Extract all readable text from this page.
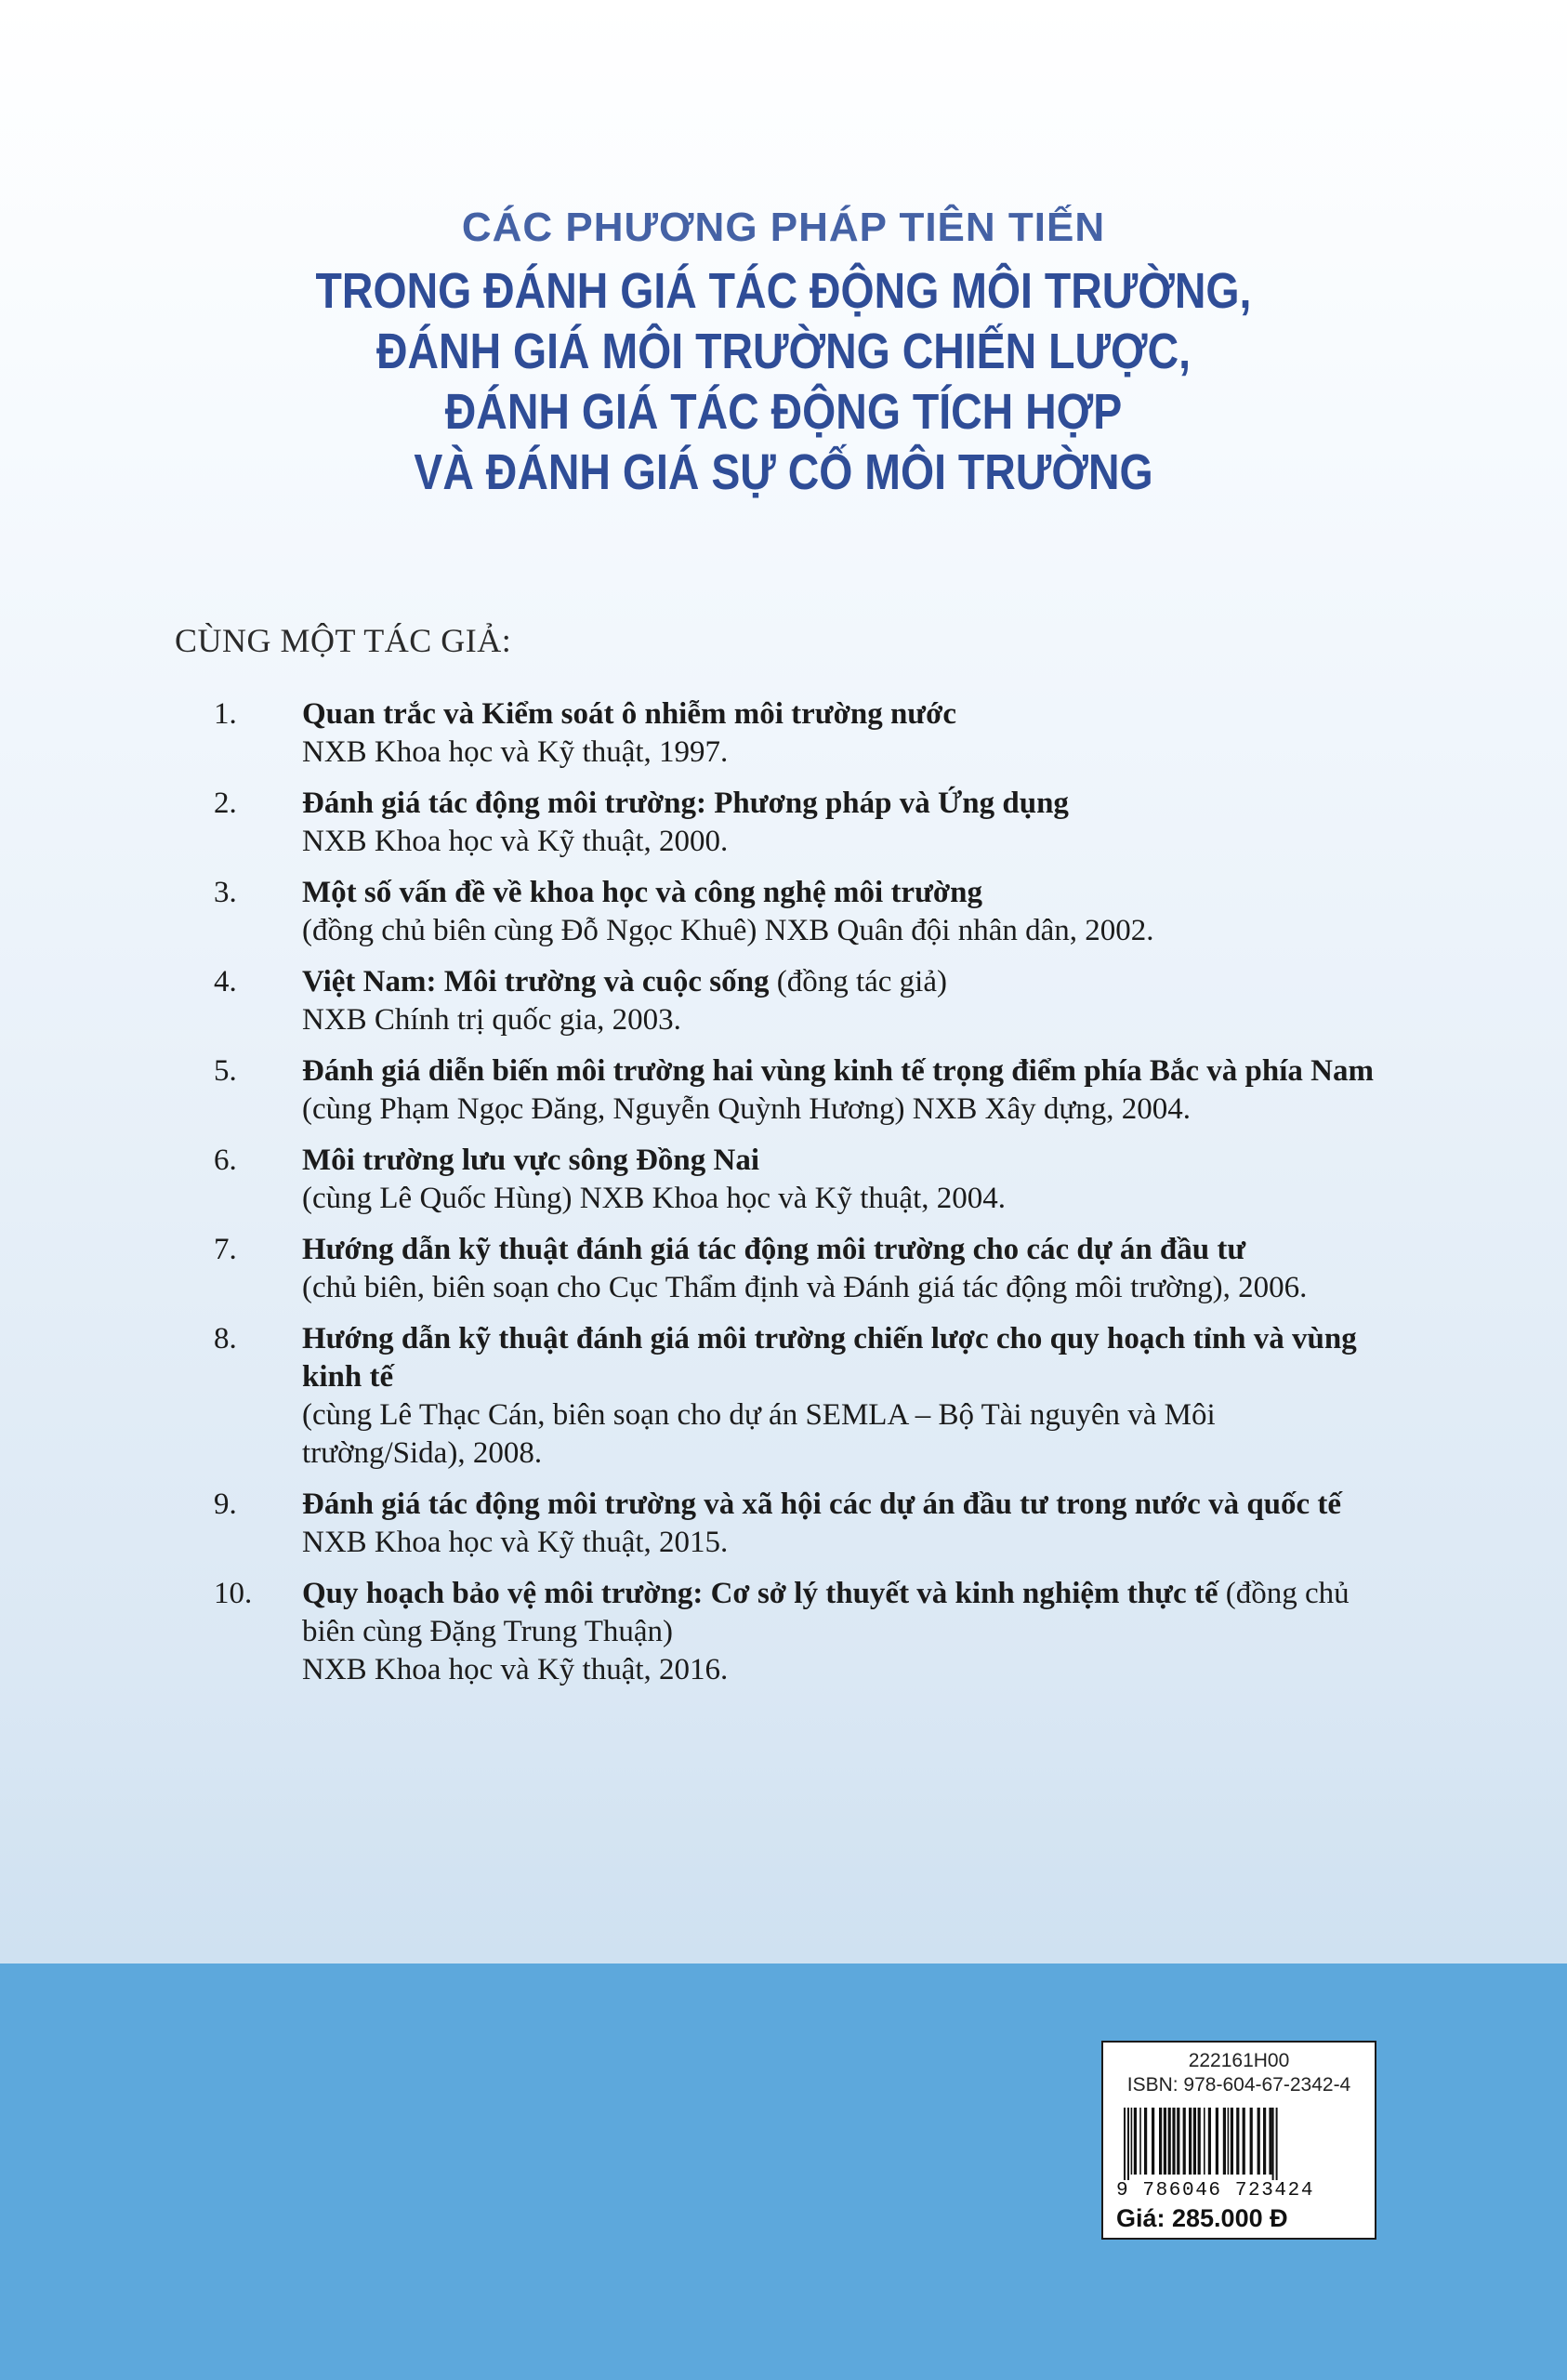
CÁC PHƯƠNG PHÁP TIÊN TIẾN
TRONG ĐÁNH GIÁ TÁC ĐỘNG MÔI TRƯỜNG,
ĐÁNH GIÁ MÔI TRƯỜNG CHIẾN LƯỢC,
ĐÁNH GIÁ TÁC ĐỘNG TÍCH HỢP
VÀ ĐÁNH GIÁ SỰ CỐ MÔI TRƯỜNG
CÙNG MỘT TÁC GIẢ:
1.	Quan trắc và Kiểm soát ô nhiễm môi trường nước
NXB Khoa học và Kỹ thuật, 1997.
2.	Đánh giá tác động môi trường: Phương pháp và Ứng dụng
NXB Khoa học và Kỹ thuật, 2000.
3.	Một số vấn đề về khoa học và công nghệ môi trường
(đồng chủ biên cùng Đỗ Ngọc Khuê) NXB Quân đội nhân dân, 2002.
4.	Việt Nam: Môi trường và cuộc sống (đồng tác giả)
NXB Chính trị quốc gia, 2003.
5.	Đánh giá diễn biến môi trường hai vùng kinh tế trọng điểm phía Bắc và phía Nam
(cùng Phạm Ngọc Đăng, Nguyễn Quỳnh Hương) NXB Xây dựng, 2004.
6.	Môi trường lưu vực sông Đồng Nai
(cùng Lê Quốc Hùng) NXB Khoa học và Kỹ thuật, 2004.
7.	Hướng dẫn kỹ thuật đánh giá tác động môi trường cho các dự án đầu tư
(chủ biên, biên soạn cho Cục Thẩm định và Đánh giá tác động môi trường), 2006.
8.	Hướng dẫn kỹ thuật đánh giá môi trường chiến lược cho quy hoạch tỉnh và vùng kinh tế
(cùng Lê Thạc Cán, biên soạn cho dự án SEMLA – Bộ Tài nguyên và Môi trường/Sida), 2008.
9.	Đánh giá tác động môi trường và xã hội các dự án đầu tư trong nước và quốc tế
NXB Khoa học và Kỹ thuật, 2015.
10.	Quy hoạch bảo vệ môi trường: Cơ sở lý thuyết và kinh nghiệm thực tế (đồng chủ biên cùng Đặng Trung Thuận)
NXB Khoa học và Kỹ thuật, 2016.
222161H00
ISBN: 978-604-67-2342-4
9 786046 723424
Giá: 285.000 Đ
